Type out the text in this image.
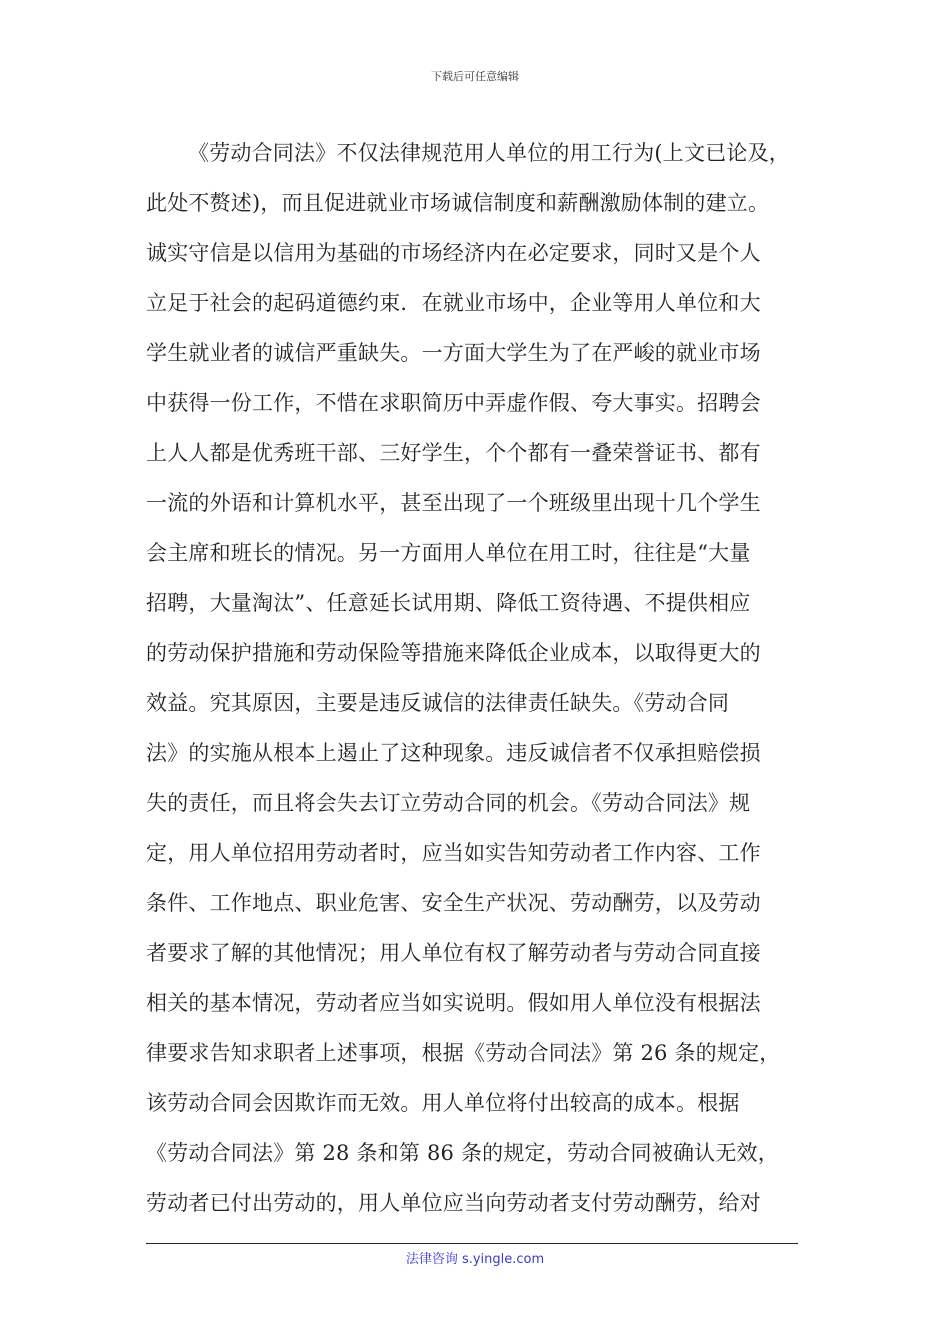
下载后可任意编辑
《劳动合同法》不仅法律规范用人单位的用工行为(上文已论及，
此处不赘述)，而且促进就业市场诚信制度和薪酬激励体制的建立。
诚实守信是以信用为基础的市场经济内在必定要求，同时又是个人
立足于社会的起码道德约束．在就业市场中，企业等用人单位和大
学生就业者的诚信严重缺失。一方面大学生为了在严峻的就业市场
中获得一份工作，不惜在求职简历中弄虚作假、夸大事实。招聘会
上人人都是优秀班干部、三好学生，个个都有一叠荣誉证书、都有
一流的外语和计算机水平，甚至出现了一个班级里出现十几个学生
会主席和班长的情况。另一方面用人单位在用工时，往往是“大量
招聘，大量淘汰”、任意延长试用期、降低工资待遇、不提供相应
的劳动保护措施和劳动保险等措施来降低企业成本，以取得更大的
效益。究其原因，主要是违反诚信的法律责任缺失。《劳动合同
法》的实施从根本上遏止了这种现象。违反诚信者不仅承担赔偿损
失的责任，而且将会失去订立劳动合同的机会。《劳动合同法》规
定，用人单位招用劳动者时，应当如实告知劳动者工作内容、工作
条件、工作地点、职业危害、安全生产状况、劳动酬劳，以及劳动
者要求了解的其他情况；用人单位有权了解劳动者与劳动合同直接
相关的基本情况，劳动者应当如实说明。假如用人单位没有根据法
律要求告知求职者上述事项，根据《劳动合同法》第 26 条的规定，
该劳动合同会因欺诈而无效。用人单位将付出较高的成本。根据
《劳动合同法》第 28 条和第 86 条的规定，劳动合同被确认无效，
劳动者已付出劳动的，用人单位应当向劳动者支付劳动酬劳，给对
法律咨询 s.yingle.com
